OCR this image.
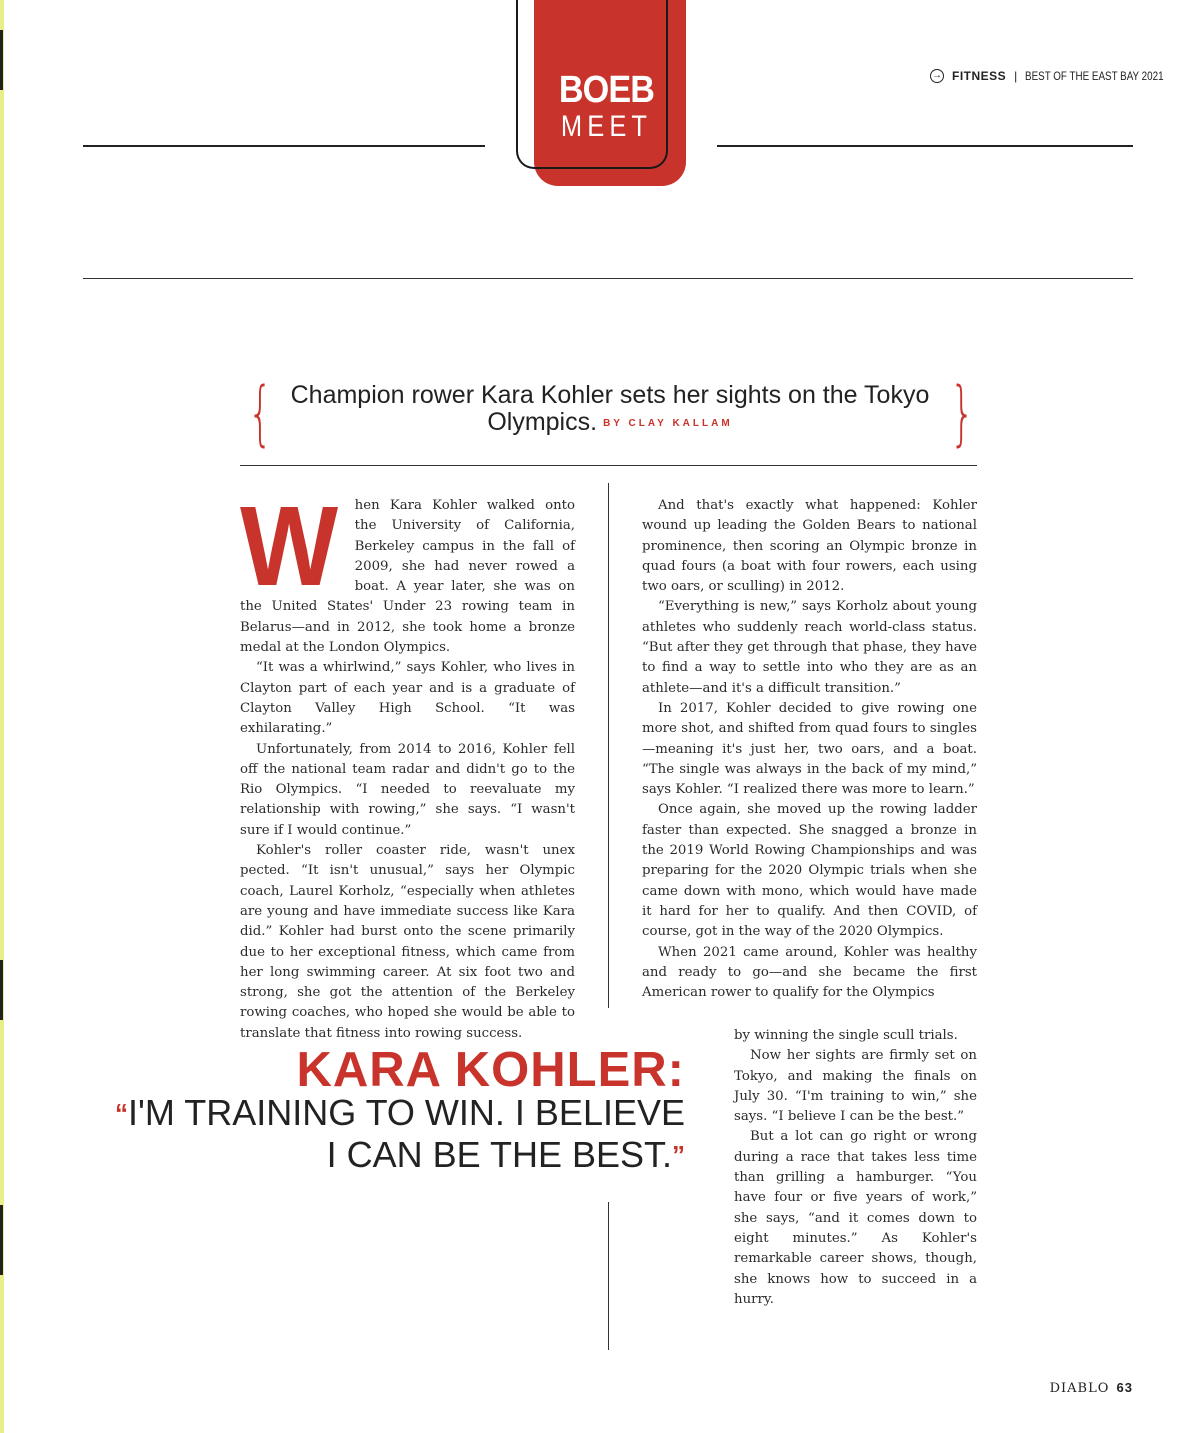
BOEB
MEET
→ FITNESS | BEST OF THE EAST BAY 2021
{	}
Champion rower Kara Kohler sets her sights on the Tokyo Olympics. BY CLAY KALLAM

W hen Kara Kohler walked onto the University of California, Berkeley campus in the fall of 2009, she had never rowed a boat. A year later, she was on the United States' Under 23 rowing team in Belarus—and in 2012, she took home a bronze medal at the London Olympics.

“It was a whirlwind,” says Kohler, who lives in Clayton part of each year and is a graduate of Clayton Valley High School. “It was exhilarating.”

Unfortunately, from 2014 to 2016, Kohler fell off the national team radar and didn't go to the Rio Olympics. “I needed to reevaluate my relationship with rowing,” she says. “I wasn't sure if I would continue.”

Kohler's roller coaster ride, wasn't unex pected. “It isn't unusual,” says her Olympic coach, Laurel Korholz, “especially when athletes are young and have immediate success like Kara did.” Kohler had burst onto the scene primarily due to her exceptional fitness, which came from her long swimming career. At six foot two and strong, she got the attention of the Berkeley rowing coaches, who hoped she would be able to translate that fitness into rowing success.

And that's exactly what happened: Kohler wound up leading the Golden Bears to national prominence, then scoring an Olympic bronze in quad fours (a boat with four rowers, each using two oars, or sculling) in 2012.

“Everything is new,” says Korholz about young athletes who suddenly reach world-class status. “But after they get through that phase, they have to find a way to settle into who they are as an athlete—and it's a difficult transition.”

In 2017, Kohler decided to give rowing one more shot, and shifted from quad fours to singles—meaning it's just her, two oars, and a boat. “The single was always in the back of my mind,” says Kohler. “I realized there was more to learn.”

Once again, she moved up the rowing ladder faster than expected. She snagged a bronze in the 2019 World Rowing Championships and was preparing for the 2020 Olympic trials when she came down with mono, which would have made it hard for her to qualify. And then COVID, of course, got in the way of the 2020 Olympics.

When 2021 came around, Kohler was healthy and ready to go—and she became the first American rower to qualify for the Olympics

by winning the single scull trials.

Now her sights are firmly set on Tokyo, and making the finals on July 30. “I'm training to win,” she says. “I believe I can be the best.”

But a lot can go right or wrong during a race that takes less time than grilling a hamburger. “You have four or five years of work,” she says, “and it comes down to eight minutes.” As Kohler's remarkable career shows, though, she knows how to succeed in a hurry.

KARA KOHLER:
“I'M TRAINING TO WIN. I BELIEVE
I CAN BE THE BEST.”
DIABLO 63
